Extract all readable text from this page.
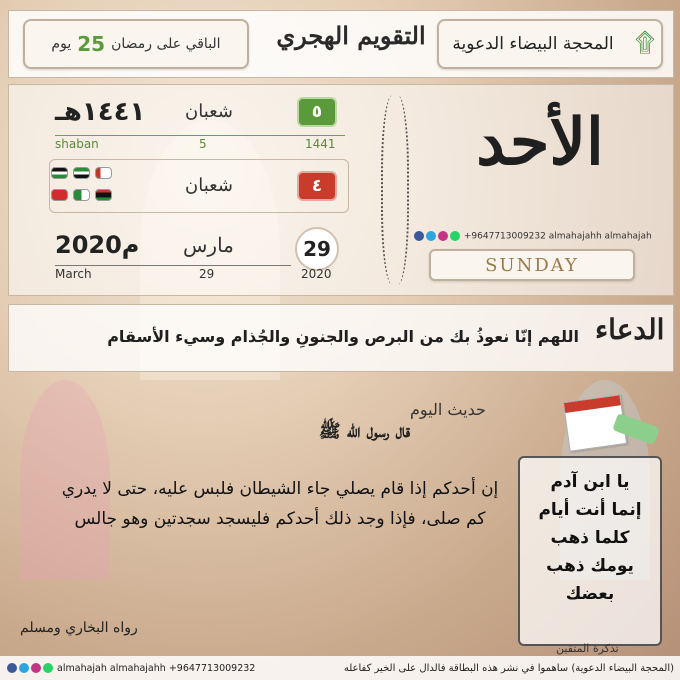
۩
المحجة البيضاء الدعوية
التقويم الهجري
الباقي على رمضان
25
يوم
١٤٤١هـ شعبان	٥
shaban	5	1441
شعبان	٤
2020م مارس	29
March	29	2020
الأحد
+9647713009232 almahajahh almahajah
SUNDAY
الدعاء
اللهم إنّا نعوذُ بك من البرص والجنونِ والجُذام وسيء الأسقام
حديث اليوم
قال رسول الله ﷺ
إن أحدكم إذا قام يصلي جاء الشيطان فلبس عليه، حتى لا يدري كم صلى، فإذا وجد ذلك أحدكم فليسجد سجدتين وهو جالس
رواه البخاري ومسلم
يا ابن آدم
إنما أنت أيام
كلما ذهب
يومك ذهب
بعضك
تذكرة المتقين
almahajah almahajahh +9647713009232	(المحجة البيضاء الدعوية) ساهموا في نشر هذه البطاقة فالدال على الخير كفاعله
